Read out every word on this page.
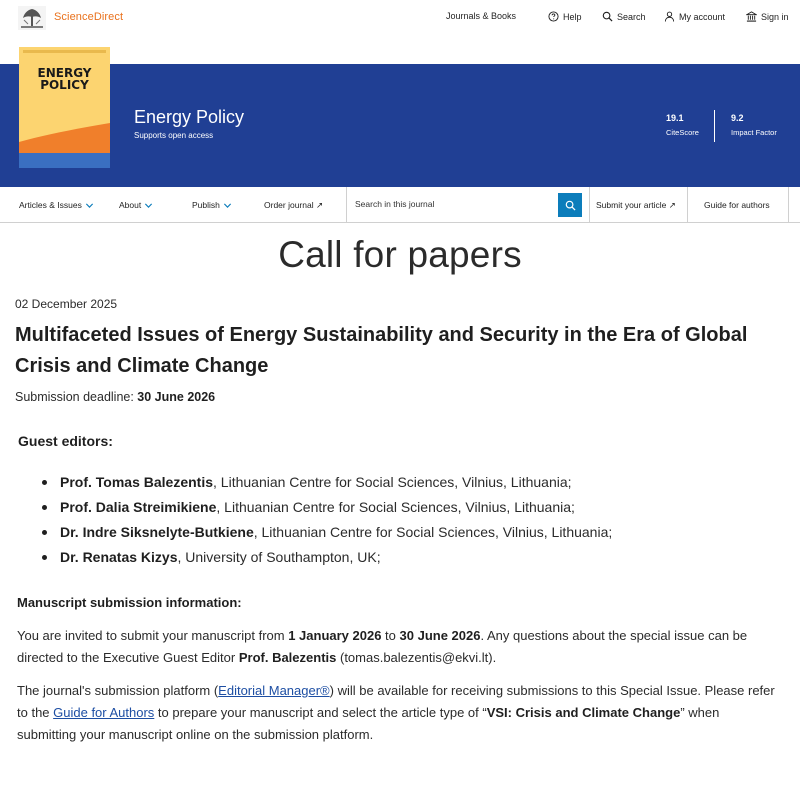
ScienceDirect	Journals & Books	Help	Search	My account	Sign in
ENERGY POLICY
Energy Policy
Supports open access
19.1
CiteScore
9.2
Impact Factor
Articles & Issues	About	Publish	Order journal ↗
Search in this journal	Submit your article ↗	Guide for authors
Call for papers
02 December 2025
Multifaceted Issues of Energy Sustainability and Security in the Era of Global Crisis and Climate Change
Submission deadline: 30 June 2026
Guest editors:
Prof. Tomas Balezentis, Lithuanian Centre for Social Sciences, Vilnius, Lithuania;
Prof. Dalia Streimikiene, Lithuanian Centre for Social Sciences, Vilnius, Lithuania;
Dr. Indre Siksnelyte-Butkiene, Lithuanian Centre for Social Sciences, Vilnius, Lithuania;
Dr. Renatas Kizys, University of Southampton, UK;
Manuscript submission information:
You are invited to submit your manuscript from 1 January 2026 to 30 June 2026. Any questions about the special issue can be directed to the Executive Guest Editor Prof. Balezentis (tomas.balezentis@ekvi.lt).
The journal's submission platform (Editorial Manager®) will be available for receiving submissions to this Special Issue. Please refer to the Guide for Authors to prepare your manuscript and select the article type of “VSI: Crisis and Climate Change” when submitting your manuscript online on the submission platform.
